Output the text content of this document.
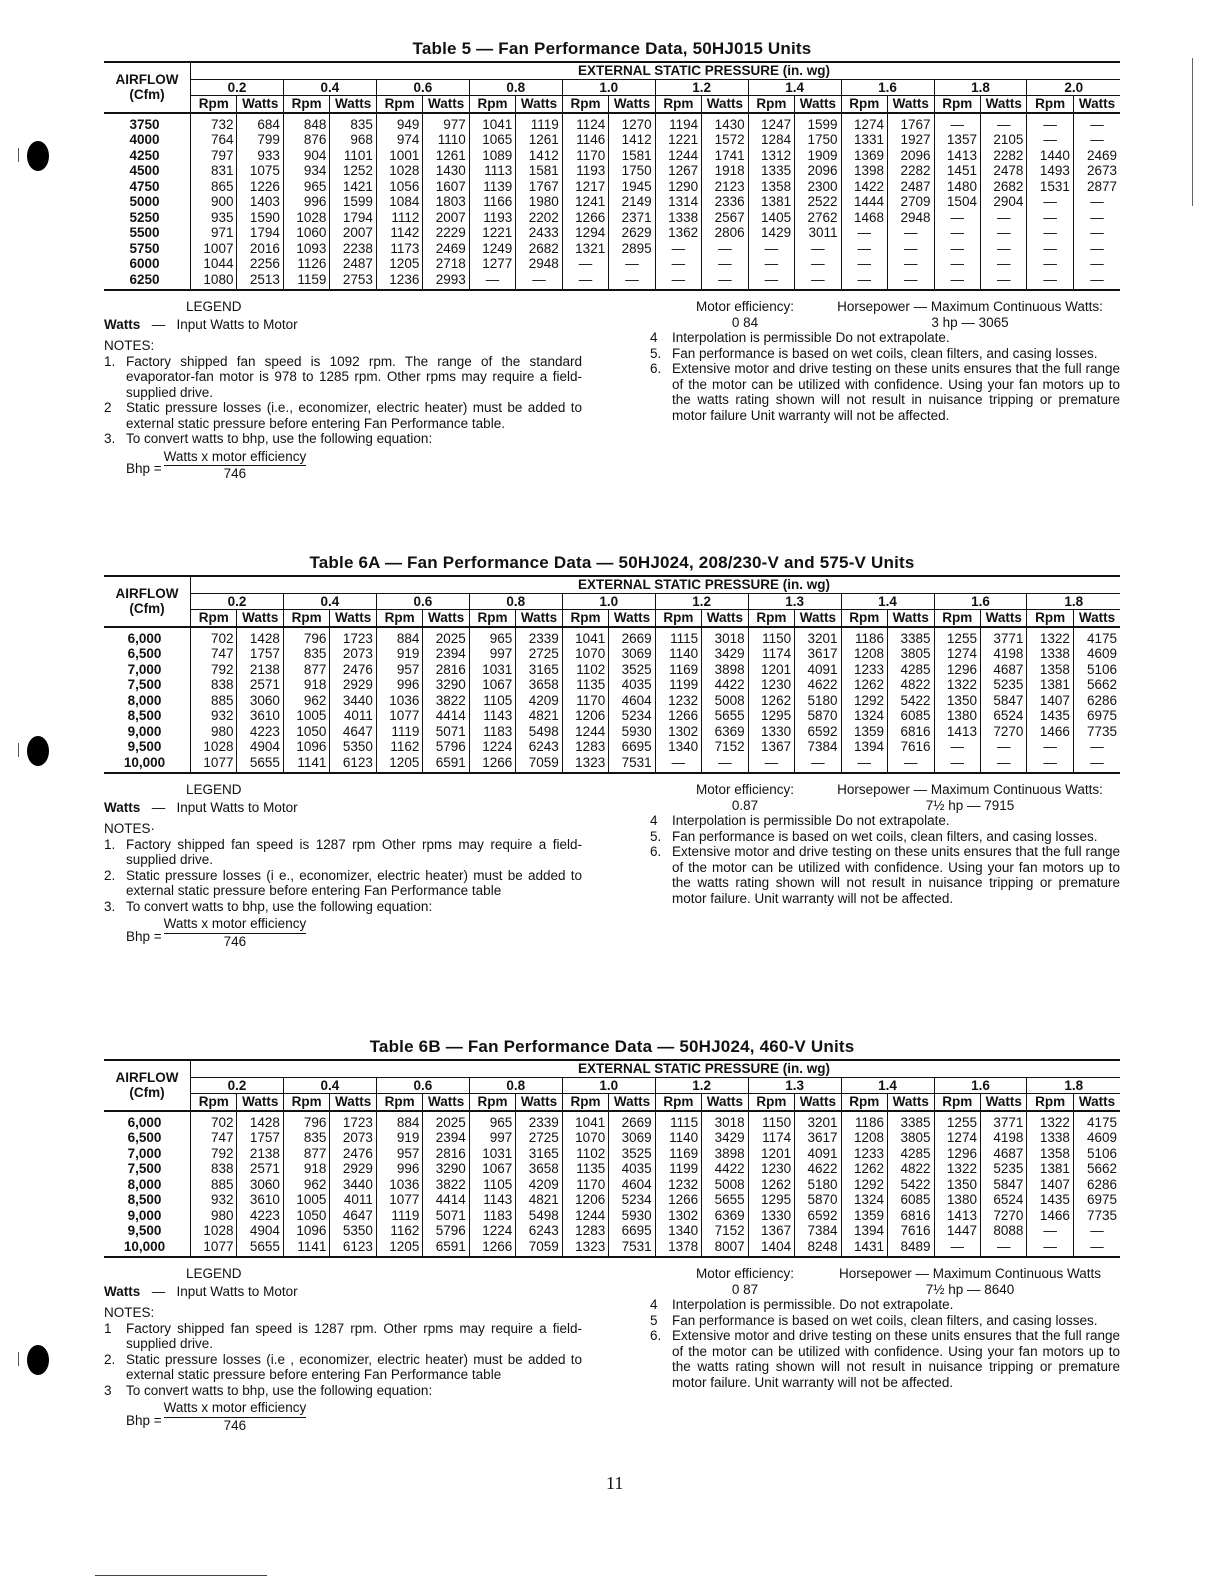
Table 5 — Fan Performance Data, 50HJ015 Units
AIRFLOW
(Cfm)	EXTERNAL STATIC PRESSURE (in. wg)																			
	0.2		0.4		0.6		0.8		1.0		1.2		1.4		1.6		1.8		2.0	
	Rpm	Watts	Rpm	Watts	Rpm	Watts	Rpm	Watts	Rpm	Watts	Rpm	Watts	Rpm	Watts	Rpm	Watts	Rpm	Watts	Rpm	Watts
3750	732	684	848	835	949	977	1041	1119	1124	1270	1194	1430	1247	1599	1274	1767	—	—	—	—
4000	764	799	876	968	974	1110	1065	1261	1146	1412	1221	1572	1284	1750	1331	1927	1357	2105	—	—
4250	797	933	904	1101	1001	1261	1089	1412	1170	1581	1244	1741	1312	1909	1369	2096	1413	2282	1440	2469
4500	831	1075	934	1252	1028	1430	1113	1581	1193	1750	1267	1918	1335	2096	1398	2282	1451	2478	1493	2673
4750	865	1226	965	1421	1056	1607	1139	1767	1217	1945	1290	2123	1358	2300	1422	2487	1480	2682	1531	2877
5000	900	1403	996	1599	1084	1803	1166	1980	1241	2149	1314	2336	1381	2522	1444	2709	1504	2904	—	—
5250	935	1590	1028	1794	1112	2007	1193	2202	1266	2371	1338	2567	1405	2762	1468	2948	—	—	—	—
5500	971	1794	1060	2007	1142	2229	1221	2433	1294	2629	1362	2806	1429	3011	—	—	—	—	—	—
5750	1007	2016	1093	2238	1173	2469	1249	2682	1321	2895	—	—	—	—	—	—	—	—	—	—
6000	1044	2256	1126	2487	1205	2718	1277	2948	—	—	—	—	—	—	—	—	—	—	—	—
6250	1080	2513	1159	2753	1236	2993	—	—	—	—	—	—	—	—	—	—	—	—	—	—
LEGEND
Watts — Input Watts to Motor
NOTES:
1. Factory shipped fan speed is 1092 rpm. The range of the standard evaporator-fan motor is 978 to 1285 rpm. Other rpms may require a field-supplied drive.
2	Static pressure losses (i.e., economizer, electric heater) must be added to external static pressure before entering Fan Performance table.
3. To convert watts to bhp, use the following equation:
Bhp = $\frac{\text{Watts x motor efficiency}}{746}$
Motor efficiency:
0 84
Horsepower — Maximum Continuous Watts:
3 hp — 3065
4	Interpolation is permissible Do not extrapolate.
5. Fan performance is based on wet coils, clean filters, and casing losses.
6. Extensive motor and drive testing on these units ensures that the full range of the motor can be utilized with confidence. Using your fan motors up to the watts rating shown will not result in nuisance tripping or premature motor failure Unit warranty will not be affected.
Table 6A — Fan Performance Data — 50HJ024, 208/230-V and 575-V Units
AIRFLOW
(Cfm)	EXTERNAL STATIC PRESSURE (in. wg)																			
	0.2		0.4		0.6		0.8		1.0		1.2		1.3		1.4		1.6		1.8	
	Rpm	Watts	Rpm	Watts	Rpm	Watts	Rpm	Watts	Rpm	Watts	Rpm	Watts	Rpm	Watts	Rpm	Watts	Rpm	Watts	Rpm	Watts
6,000	702	1428	796	1723	884	2025	965	2339	1041	2669	1115	3018	1150	3201	1186	3385	1255	3771	1322	4175
6,500	747	1757	835	2073	919	2394	997	2725	1070	3069	1140	3429	1174	3617	1208	3805	1274	4198	1338	4609
7,000	792	2138	877	2476	957	2816	1031	3165	1102	3525	1169	3898	1201	4091	1233	4285	1296	4687	1358	5106
7,500	838	2571	918	2929	996	3290	1067	3658	1135	4035	1199	4422	1230	4622	1262	4822	1322	5235	1381	5662
8,000	885	3060	962	3440	1036	3822	1105	4209	1170	4604	1232	5008	1262	5180	1292	5422	1350	5847	1407	6286
8,500	932	3610	1005	4011	1077	4414	1143	4821	1206	5234	1266	5655	1295	5870	1324	6085	1380	6524	1435	6975
9,000	980	4223	1050	4647	1119	5071	1183	5498	1244	5930	1302	6369	1330	6592	1359	6816	1413	7270	1466	7735
9,500	1028	4904	1096	5350	1162	5796	1224	6243	1283	6695	1340	7152	1367	7384	1394	7616	—	—	—	—
10,000	1077	5655	1141	6123	1205	6591	1266	7059	1323	7531	—	—	—	—	—	—	—	—	—	—
LEGEND
Watts — Input Watts to Motor
NOTES·
1. Factory shipped fan speed is 1287 rpm Other rpms may require a field-supplied drive.
2. Static pressure losses (i e., economizer, electric heater) must be added to external static pressure before entering Fan Performance table
3. To convert watts to bhp, use the following equation:
Bhp = $\frac{\text{Watts x motor efficiency}}{746}$
Motor efficiency:
0.87
Horsepower — Maximum Continuous Watts:
7½ hp — 7915
4	Interpolation is permissible Do not extrapolate.
5. Fan performance is based on wet coils, clean filters, and casing losses.
6. Extensive motor and drive testing on these units ensures that the full range of the motor can be utilized with confidence. Using your fan motors up to the watts rating shown will not result in nuisance tripping or premature motor failure. Unit warranty will not be affected.
Table 6B — Fan Performance Data — 50HJ024, 460-V Units
AIRFLOW
(Cfm)	EXTERNAL STATIC PRESSURE (in. wg)																			
	0.2		0.4		0.6		0.8		1.0		1.2		1.3		1.4		1.6		1.8	
	Rpm	Watts	Rpm	Watts	Rpm	Watts	Rpm	Watts	Rpm	Watts	Rpm	Watts	Rpm	Watts	Rpm	Watts	Rpm	Watts	Rpm	Watts
6,000	702	1428	796	1723	884	2025	965	2339	1041	2669	1115	3018	1150	3201	1186	3385	1255	3771	1322	4175
6,500	747	1757	835	2073	919	2394	997	2725	1070	3069	1140	3429	1174	3617	1208	3805	1274	4198	1338	4609
7,000	792	2138	877	2476	957	2816	1031	3165	1102	3525	1169	3898	1201	4091	1233	4285	1296	4687	1358	5106
7,500	838	2571	918	2929	996	3290	1067	3658	1135	4035	1199	4422	1230	4622	1262	4822	1322	5235	1381	5662
8,000	885	3060	962	3440	1036	3822	1105	4209	1170	4604	1232	5008	1262	5180	1292	5422	1350	5847	1407	6286
8,500	932	3610	1005	4011	1077	4414	1143	4821	1206	5234	1266	5655	1295	5870	1324	6085	1380	6524	1435	6975
9,000	980	4223	1050	4647	1119	5071	1183	5498	1244	5930	1302	6369	1330	6592	1359	6816	1413	7270	1466	7735
9,500	1028	4904	1096	5350	1162	5796	1224	6243	1283	6695	1340	7152	1367	7384	1394	7616	1447	8088	—	—
10,000	1077	5655	1141	6123	1205	6591	1266	7059	1323	7531	1378	8007	1404	8248	1431	8489	—	—	—	—
LEGEND
Watts — Input Watts to Motor
NOTES:
1	Factory shipped fan speed is 1287 rpm. Other rpms may require a field-supplied drive.
2. Static pressure losses (i.e , economizer, electric heater) must be added to external static pressure before entering Fan Performance table
3	To convert watts to bhp, use the following equation:
Bhp = $\frac{\text{Watts x motor efficiency}}{746}$
Motor efficiency:
0 87
Horsepower — Maximum Continuous Watts
7½ hp — 8640
4	Interpolation is permissible. Do not extrapolate.
5	Fan performance is based on wet coils, clean filters, and casing losses.
6. Extensive motor and drive testing on these units ensures that the full range of the motor can be utilized with confidence. Using your fan motors up to the watts rating shown will not result in nuisance tripping or premature motor failure. Unit warranty will not be affected.
11
